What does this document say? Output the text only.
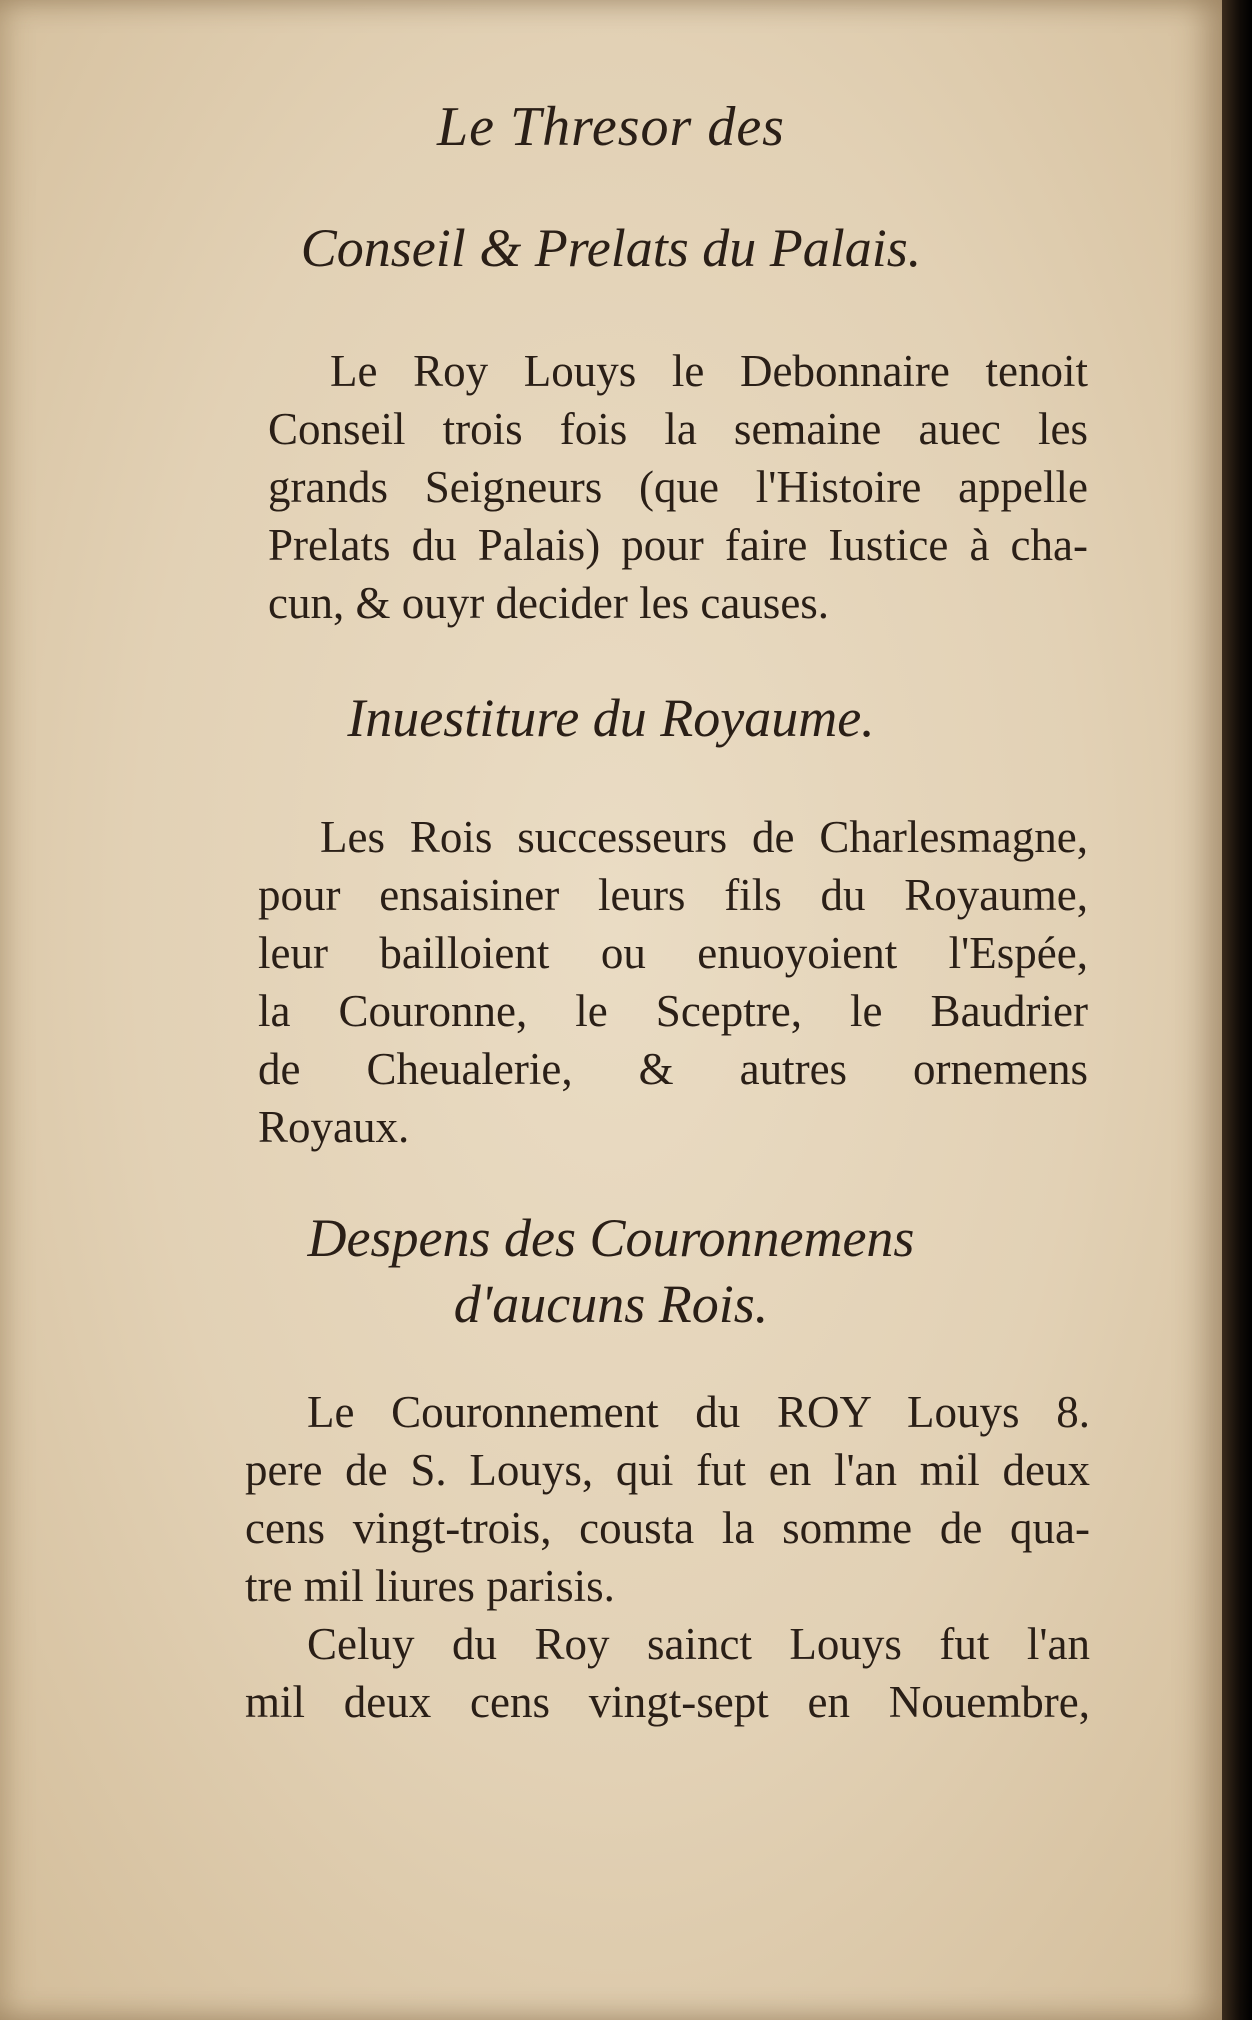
Le Thresor des
Conseil & Prelats du Palais.
Le Roy Louys le Debonnaire tenoit
Conseil trois fois la semaine auec les
grands Seigneurs (que l'Histoire appelle
Prelats du Palais) pour faire Iustice à cha-
cun, & ouyr decider les causes.
Inuestiture du Royaume.
Les Rois successeurs de Charlesmagne,
pour ensaisiner leurs fils du Royaume,
leur bailloient ou enuoyoient l'Espée,
la Couronne, le Sceptre, le Baudrier
de Cheualerie, & autres ornemens
Royaux.
Despens des Couronnemens
d'aucuns Rois.
Le Couronnement du ROY Louys 8.
pere de S. Louys, qui fut en l'an mil deux
cens vingt-trois, cousta la somme de qua-
tre mil liures parisis.
Celuy du Roy sainct Louys fut l'an
mil deux cens vingt-sept en Nouembre,
